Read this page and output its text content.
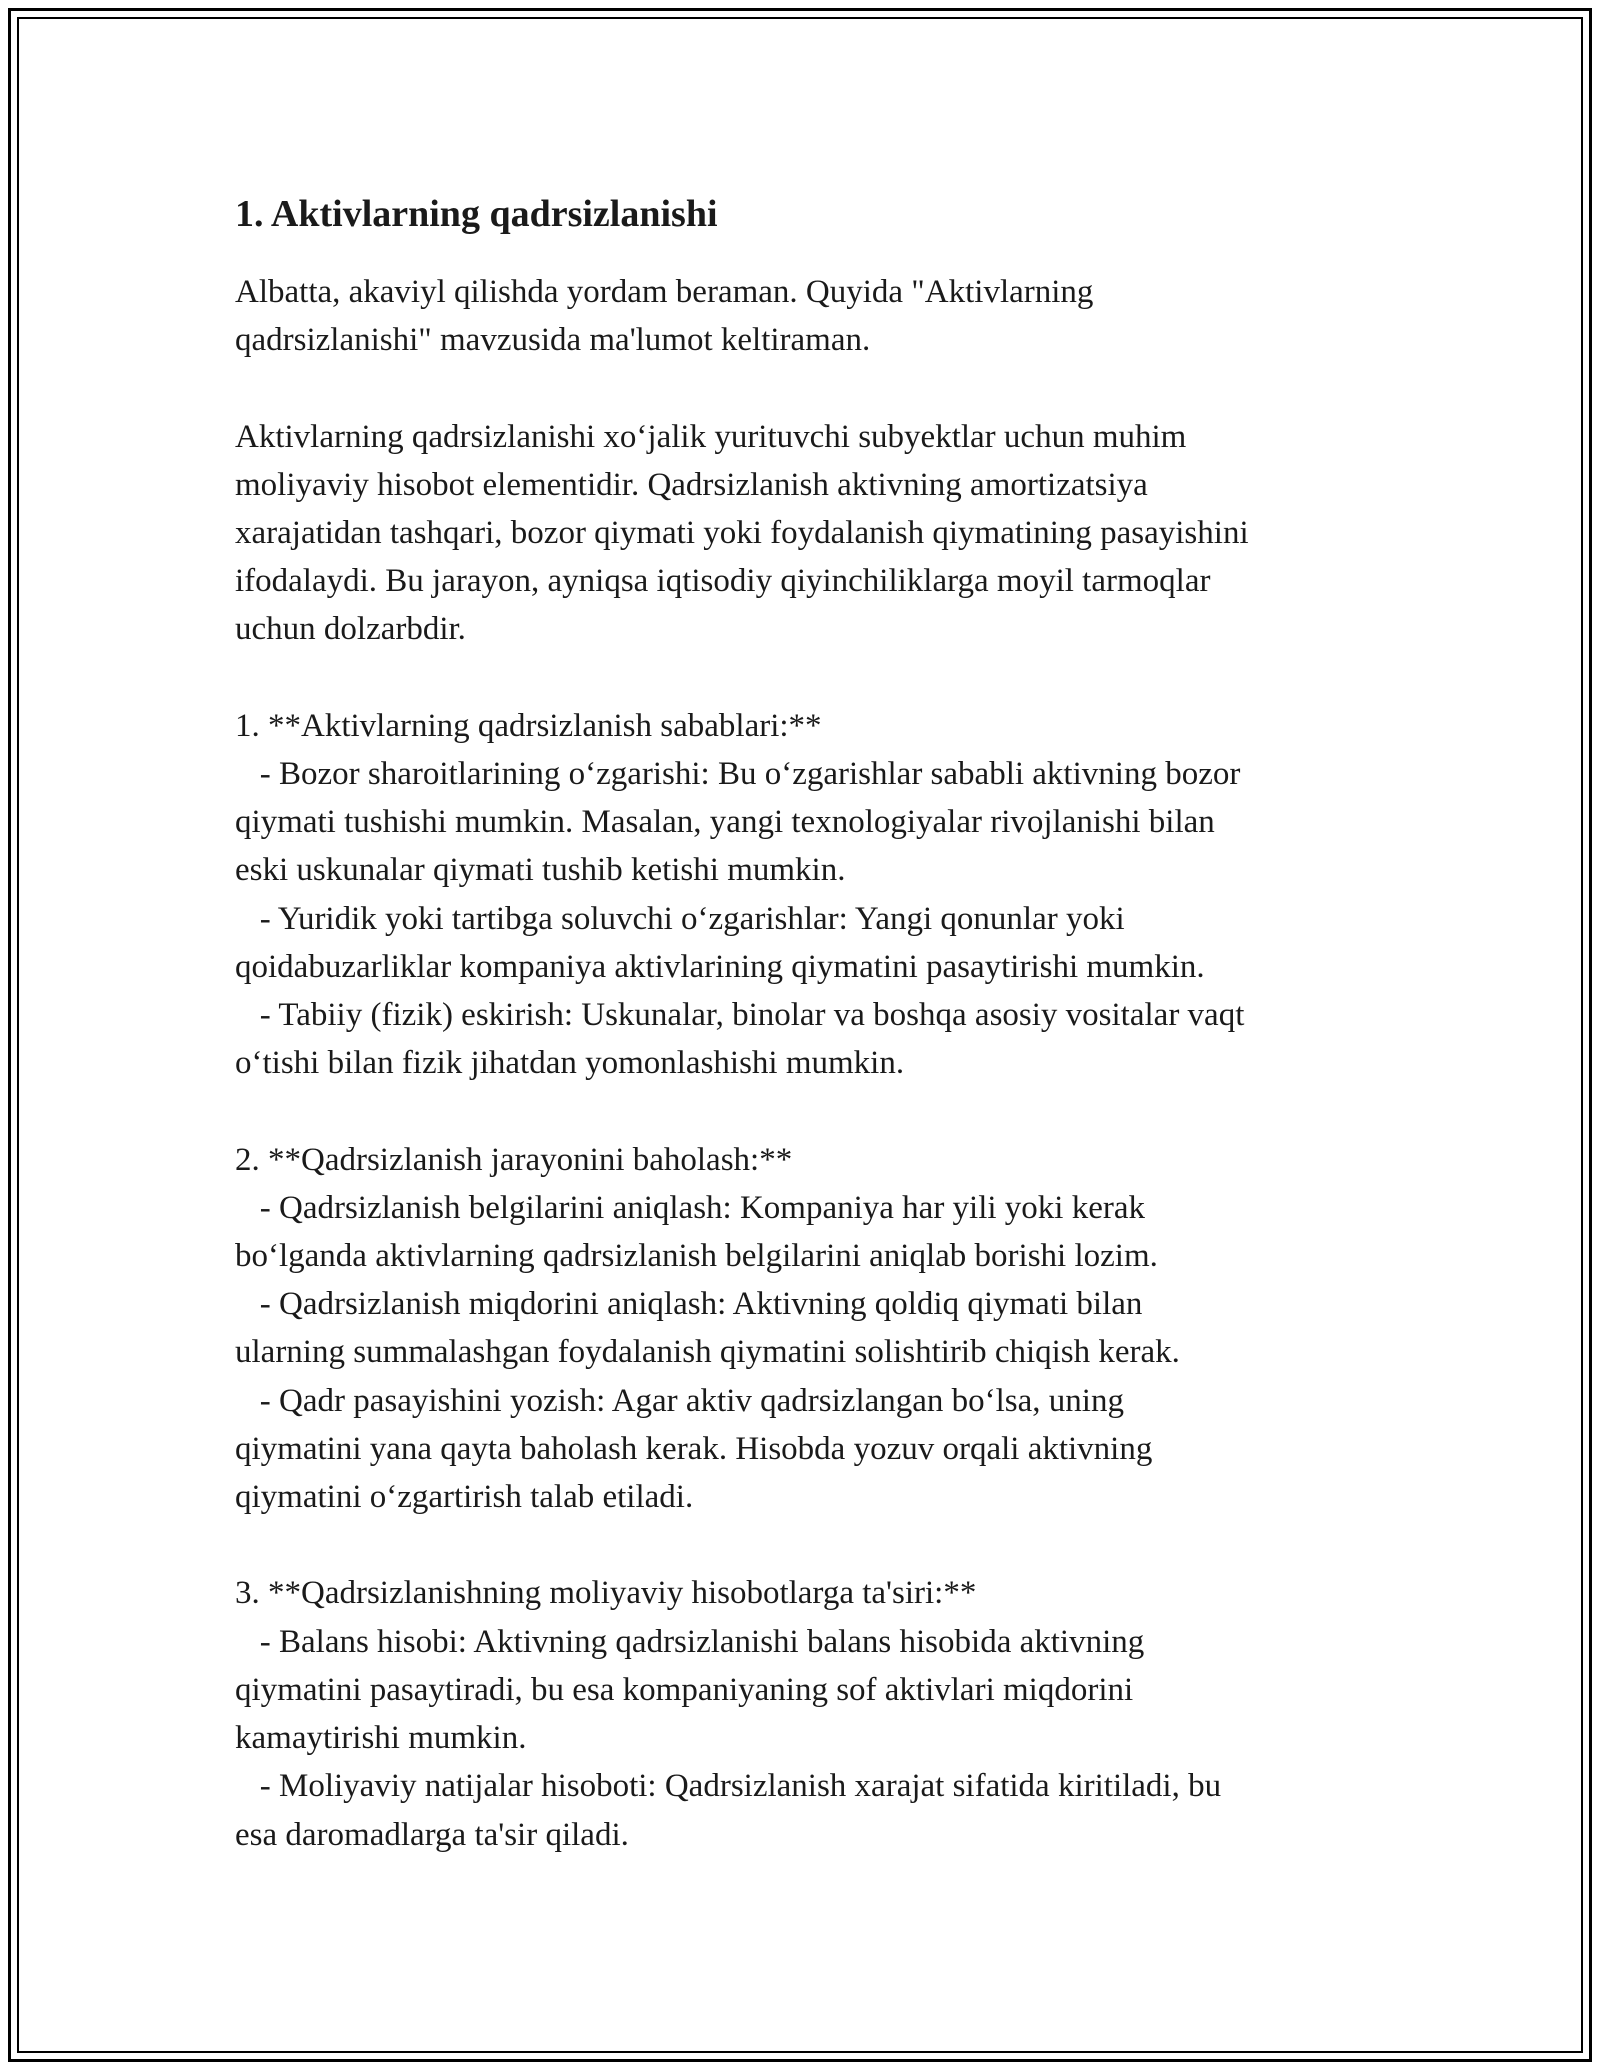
1. Aktivlarning qadrsizlanishi

Albatta, akaviyl qilishda yordam beraman. Quyida "Aktivlarning
qadrsizlanishi" mavzusida ma'lumot keltiraman.

Aktivlarning qadrsizlanishi xo‘jalik yurituvchi subyektlar uchun muhim
moliyaviy hisobot elementidir. Qadrsizlanish aktivning amortizatsiya
xarajatidan tashqari, bozor qiymati yoki foydalanish qiymatining pasayishini
ifodalaydi. Bu jarayon, ayniqsa iqtisodiy qiyinchiliklarga moyil tarmoqlar
uchun dolzarbdir.

1. **Aktivlarning qadrsizlanish sabablari:**
- Bozor sharoitlarining o‘zgarishi: Bu o‘zgarishlar sababli aktivning bozor
qiymati tushishi mumkin. Masalan, yangi texnologiyalar rivojlanishi bilan
eski uskunalar qiymati tushib ketishi mumkin.
- Yuridik yoki tartibga soluvchi o‘zgarishlar: Yangi qonunlar yoki
qoidabuzarliklar kompaniya aktivlarining qiymatini pasaytirishi mumkin.
- Tabiiy (fizik) eskirish: Uskunalar, binolar va boshqa asosiy vositalar vaqt
o‘tishi bilan fizik jihatdan yomonlashishi mumkin.

2. **Qadrsizlanish jarayonini baholash:**
- Qadrsizlanish belgilarini aniqlash: Kompaniya har yili yoki kerak
bo‘lganda aktivlarning qadrsizlanish belgilarini aniqlab borishi lozim.
- Qadrsizlanish miqdorini aniqlash: Aktivning qoldiq qiymati bilan
ularning summalashgan foydalanish qiymatini solishtirib chiqish kerak.
- Qadr pasayishini yozish: Agar aktiv qadrsizlangan bo‘lsa, uning
qiymatini yana qayta baholash kerak. Hisobda yozuv orqali aktivning
qiymatini o‘zgartirish talab etiladi.

3. **Qadrsizlanishning moliyaviy hisobotlarga ta'siri:**
- Balans hisobi: Aktivning qadrsizlanishi balans hisobida aktivning
qiymatini pasaytiradi, bu esa kompaniyaning sof aktivlari miqdorini
kamaytirishi mumkin.
- Moliyaviy natijalar hisoboti: Qadrsizlanish xarajat sifatida kiritiladi, bu
esa daromadlarga ta'sir qiladi.
